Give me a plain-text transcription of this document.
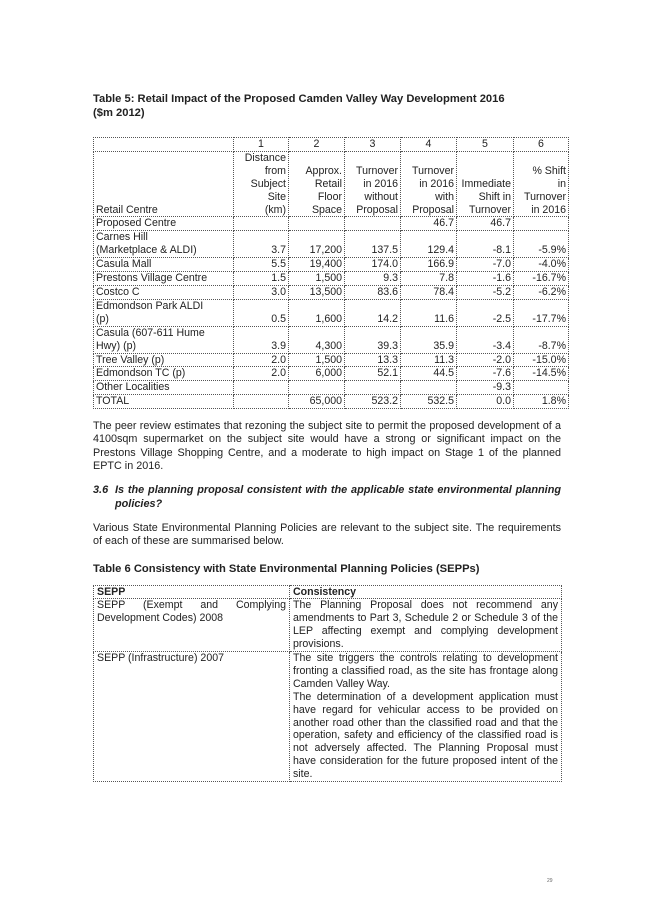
Table 5: Retail Impact of the Proposed Camden Valley Way Development 2016

($m 2012)

	1	2	3	4	5	6
Retail Centre	Distance
from
Subject
Site
(km)	Approx.
Retail
Floor
Space	Turnover
in 2016
without
Proposal	Turnover
in 2016
with
Proposal	Immediate
Shift in
Turnover	% Shift
in
Turnover
in 2016
Proposed Centre				46.7	46.7	
Carnes Hill
(Marketplace & ALDI)	3.7	17,200	137.5	129.4	-8.1	-5.9%
Casula Mall	5.5	19,400	174.0	166.9	-7.0	-4.0%
Prestons Village Centre	1.5	1,500	9.3	7.8	-1.6	-16.7%
Costco C	3.0	13,500	83.6	78.4	-5.2	-6.2%
Edmondson Park ALDI
(p)	0.5	1,600	14.2	11.6	-2.5	-17.7%
Casula (607-611 Hume
Hwy) (p)	3.9	4,300	39.3	35.9	-3.4	-8.7%
Tree Valley (p)	2.0	1,500	13.3	11.3	-2.0	-15.0%
Edmondson TC (p)	2.0	6,000	52.1	44.5	-7.6	-14.5%
Other Localities					-9.3	
TOTAL		65,000	523.2	532.5	0.0	1.8%

The peer review estimates that rezoning the subject site to permit the proposed development of a 4100sqm supermarket on the subject site would have a strong or significant impact on the Prestons Village Shopping Centre, and a moderate to high impact on Stage 1 of the planned EPTC in 2016.

3.6 Is the planning proposal consistent with the applicable state environmental planning policies?

Various State Environmental Planning Policies are relevant to the subject site. The requirements of each of these are summarised below.

Table 6 Consistency with State Environmental Planning Policies (SEPPs)

SEPP	Consistency
SEPP (Exempt and Complying Development Codes) 2008	The Planning Proposal does not recommend any amendments to Part 3, Schedule 2 or Schedule 3 of the LEP affecting exempt and complying development provisions.

SEPP (Infrastructure) 2007	The site triggers the controls relating to development fronting a classified road, as the site has frontage along Camden Valley Way.
The determination of a development application must have regard for vehicular access to be provided on another road other than the classified road and that the operation, safety and efficiency of the classified road is not adversely affected. The Planning Proposal must have consideration for the future proposed intent of the site.
29
